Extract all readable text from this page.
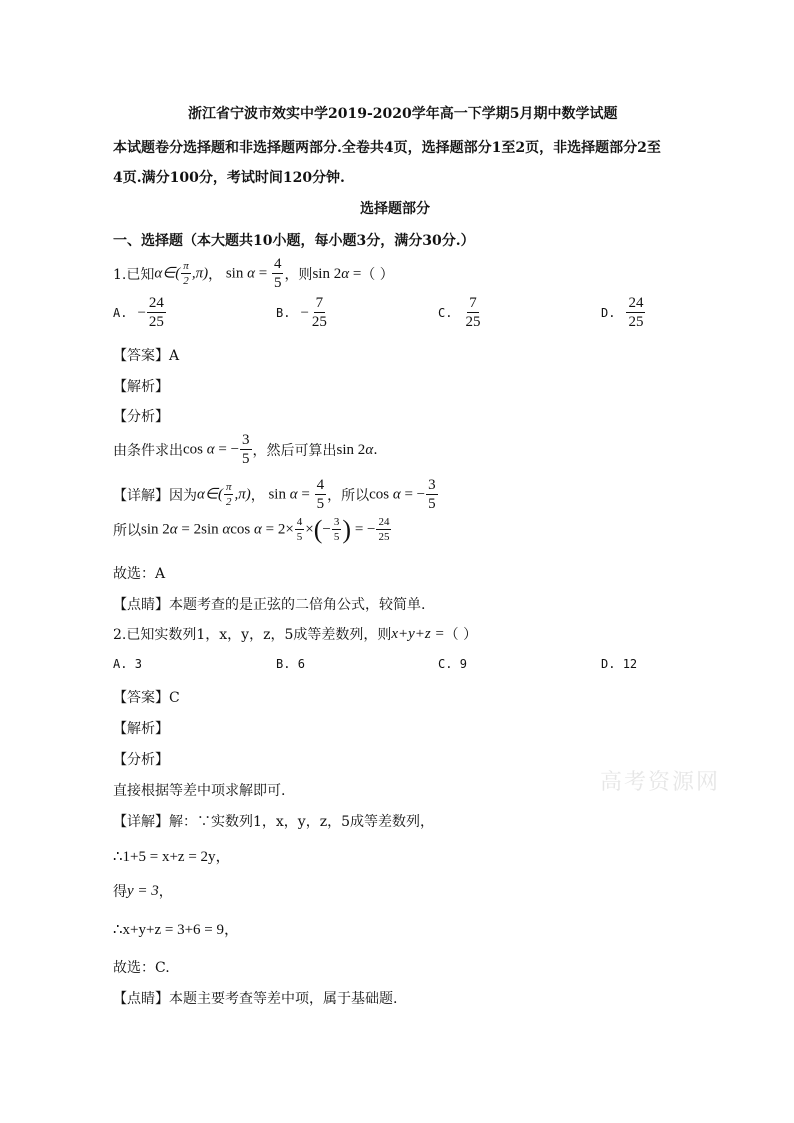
浙江省宁波市效实中学2019-2020学年高一下学期5月期中数学试题
本试题卷分选择题和非选择题两部分.全卷共4页，选择题部分1至2页，非选择题部分2至
4页.满分100分，考试时间120分钟.
选择题部分
一、选择题（本大题共10小题，每小题3分，满分30分.）
1.已知 α∈( $\frac{\pi}{2} ,\pi$) ， $\sin \alpha = \frac{4}{5}$ ，则 sin 2α = （ ）
A. − $\frac{24}{25}$	B. − $\frac{7}{25}$	C. $\frac{7}{25}$	D. $\frac{24}{25}$
【答案】A
【解析】
【分析】
由条件求出 cos α = − $\frac{3}{5}$ ，然后可算出 sin 2α .
【详解】因为 α∈( $\frac{\pi}{2} ,\pi$) ， $\sin \alpha = \frac{4}{5}$ ，所以 cos α = − $\frac{3}{5}$
所以 sin 2α = 2sin αcos $\alpha = 2\times \frac{4}{5}$ ×(− $\frac{3}{5}$ ) = − $\frac{24}{25}$
故选：A
【点睛】本题考查的是正弦的二倍角公式，较简单.
2.已知实数列1，x，y，z，5成等差数列，则 x+y+z = （ ）
A. 3	B. 6	C. 9	D. 12
【答案】C
【解析】
【分析】
直接根据等差中项求解即可.	高考资源网
【详解】解：∵实数列1，x，y，z，5成等差数列，
∴1+5 = x+z = 2y，
得 y = 3 ，
∴x+y+z = 3+6 = 9，
故选：C.
【点睛】本题主要考查等差中项，属于基础题.
